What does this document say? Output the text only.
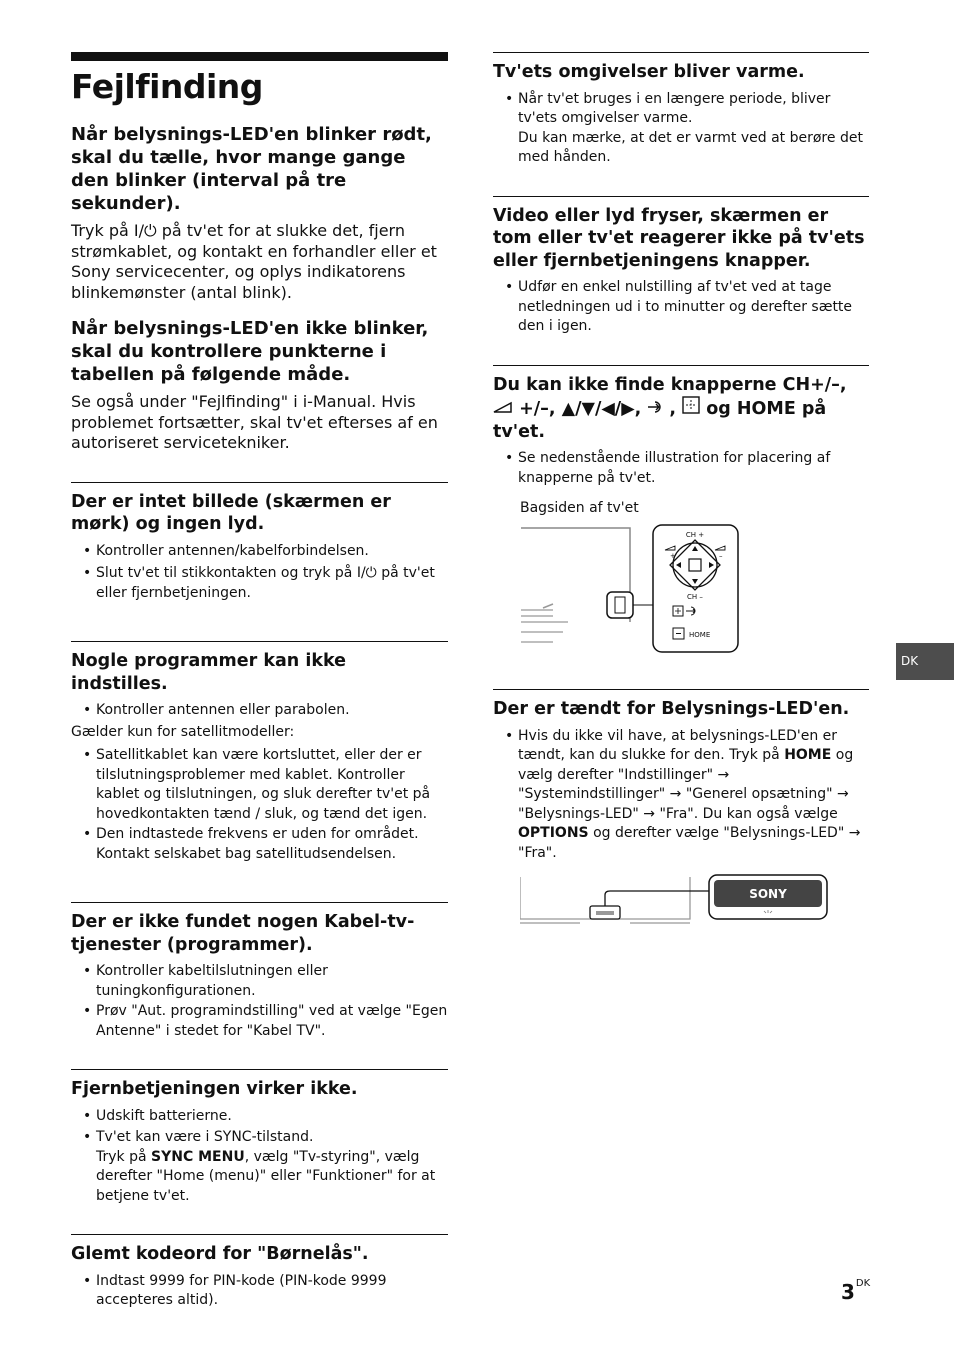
Fejlfinding
Når belysnings-LED'en blinker rødt, skal du tælle, hvor mange gange den blinker (interval på tre sekunder).
Tryk på I/⏻ på tv'et for at slukke det, fjern strømkablet, og kontakt en forhandler eller et Sony servicecenter, og oplys indikatorens blinkemønster (antal blink).
Når belysnings-LED'en ikke blinker, skal du kontrollere punkterne i tabellen på følgende måde.
Se også under "Fejlfinding" i i-Manual. Hvis problemet fortsætter, skal tv'et efterses af en autoriseret servicetekniker.
Der er intet billede (skærmen er mørk) og ingen lyd.
• Kontroller antennen/kabelforbindelsen.
• Slut tv'et til stikkontakten og tryk på I/⏻ på tv'et eller fjernbetjeningen.
Nogle programmer kan ikke indstilles.
• Kontroller antennen eller parabolen.
Gælder kun for satellitmodeller:
• Satellitkablet kan være kortsluttet, eller der er tilslutningsproblemer med kablet. Kontroller kablet og tilslutningen, og sluk derefter tv'et på hovedkontakten tænd / sluk, og tænd det igen.
• Den indtastede frekvens er uden for området. Kontakt selskabet bag satellitudsendelsen.
Der er ikke fundet nogen Kabel-tv-tjenester (programmer).
• Kontroller kabeltilslutningen eller tuningkonfigurationen.
• Prøv "Aut. programindstilling" ved at vælge "Egen Antenne" i stedet for "Kabel TV".
Fjernbetjeningen virker ikke.
• Udskift batterierne.
• Tv'et kan være i SYNC-tilstand.
Tryk på SYNC MENU, vælg "Tv-styring", vælg derefter "Home (menu)" eller "Funktioner" for at betjene tv'et.
Glemt kodeord for "Børnelås".
• Indtast 9999 for PIN-kode (PIN-kode 9999 accepteres altid).
Tv'ets omgivelser bliver varme.
• Når tv'et bruges i en længere periode, bliver tv'ets omgivelser varme.
Du kan mærke, at det er varmt ved at berøre det med hånden.
Video eller lyd fryser, skærmen er tom eller tv'et reagerer ikke på tv'ets eller fjernbetjeningens knapper.
• Udfør en enkel nulstilling af tv'et ved at tage netledningen ud i to minutter og derefter sætte den i igen.
Du kan ikke finde knapperne CH+/–,
+/–, ▲/▼/◀/▶, ,  og HOME på
tv'et.
• Se nedenstående illustration for placering af knapperne på tv'et.
Bagsiden af tv'et
CH +
+	–
CH –
HOME
Der er tændt for Belysnings-LED'en.
• Hvis du ikke vil have, at belysnings-LED'en er tændt, kan du slukke for den. Tryk på HOME og vælg derefter "Indstillinger" → "Systemindstillinger" → "Generel opsætning" → "Belysnings-LED" → "Fra". Du kan også vælge OPTIONS og derefter vælge "Belysnings-LED" → "Fra".
SONY
DK
$3^{DK}$
